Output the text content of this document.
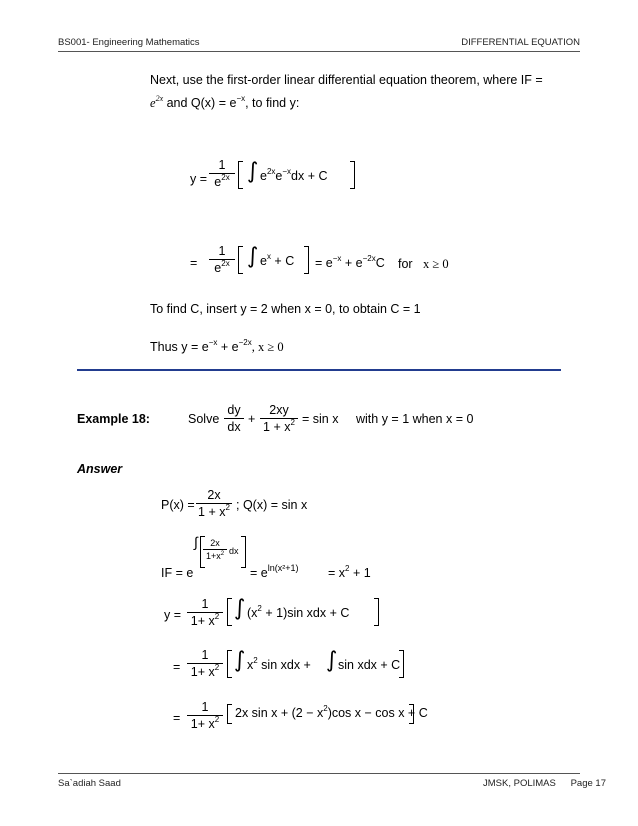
BS001- Engineering Mathematics	DIFFERENTIAL EQUATION
Next, use the first-order linear differential equation theorem, where IF =
$e^{2x}$ and $Q(x) = e^{-x}$, to find y:
y =
1
$e^{2x}$ ∫ $e^{2x}e^{-x}dx + C$
=
1
$e^{2x}$ ∫ $e^x + C = e^{-x} + e^{-2x}C$ for x ≥ 0
To find C, insert y = 2 when x = 0, to obtain C = 1
Thus $y = e^{-x} + e^{-2x}$, x ≥ 0
Example 18:	Solve
dy
dx
+
2xy
$1 + x^2 = \sin x$ with y = 1 when x = 0
Answer
P(x) =
2x
$1 + x^2$ ; Q(x) = sin x
IF = e
∫	2x
$1+x^2$ dx
= $e^{ln(x^2+1)} = x^2 + 1$
y =
1
$1+ x^2$ ∫ $(x^2 + 1)\sin$ xdx + C
=
1
$1+ x^2$ ∫ $x^2$ sin xdx + ∫ sin xdx + C
=
1
$1+ x^2$	2x $\sin x + (2 - x^2)\cos$ x − cos x + C
Sa`adiah Saad	JMSK, POLIMAS Page 17
